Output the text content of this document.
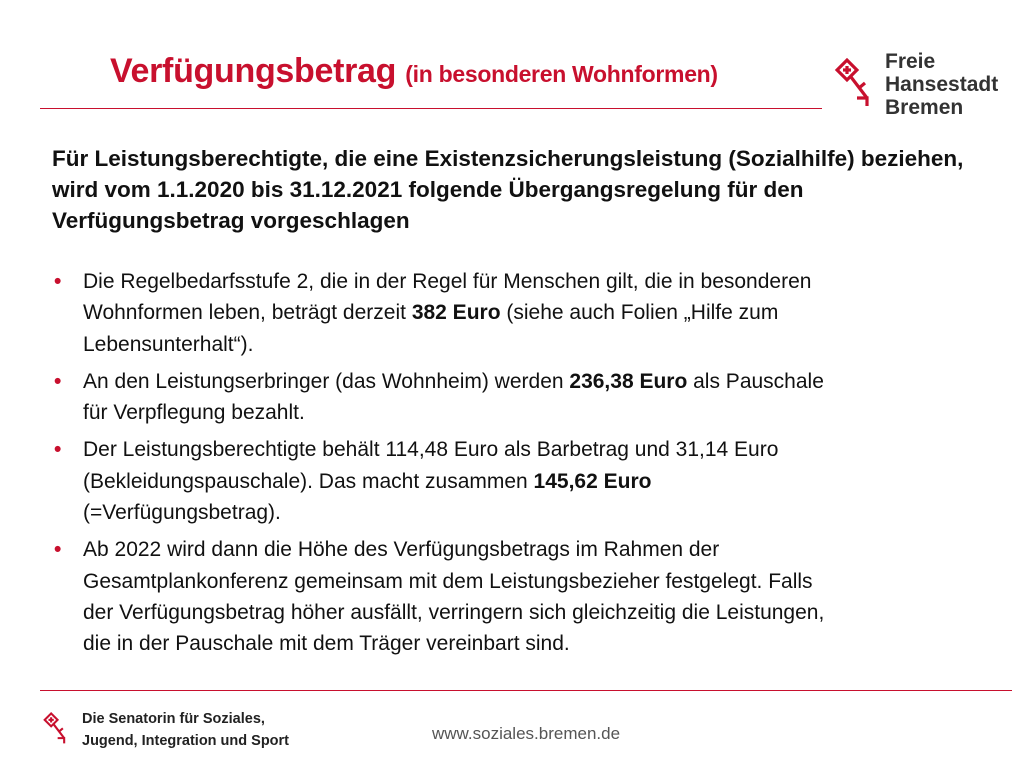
Verfügungsbetrag (in besonderen Wohnformen)	Freie
Hansestadt
Bremen
Für Leistungsberechtigte, die eine Existenzsicherungsleistung (Sozialhilfe) beziehen, wird vom 1.1.2020 bis 31.12.2021 folgende Übergangsregelung für den Verfügungsbetrag vorgeschlagen
• Die Regelbedarfsstufe 2, die in der Regel für Menschen gilt, die in besonderen Wohnformen leben, beträgt derzeit 382 Euro (siehe auch Folien „Hilfe zum Lebensunterhalt“).
• An den Leistungserbringer (das Wohnheim) werden 236,38 Euro als Pauschale für Verpflegung bezahlt.
• Der Leistungsberechtigte behält 114,48 Euro als Barbetrag und 31,14 Euro (Bekleidungspauschale). Das macht zusammen 145,62 Euro (=Verfügungsbetrag).
• Ab 2022 wird dann die Höhe des Verfügungsbetrags im Rahmen der Gesamtplankonferenz gemeinsam mit dem Leistungsbezieher festgelegt. Falls der Verfügungsbetrag höher ausfällt, verringern sich gleichzeitig die Leistungen, die in der Pauschale mit dem Träger vereinbart sind.
Die Senatorin für Soziales,
Jugend, Integration und Sport	www.soziales.bremen.de
